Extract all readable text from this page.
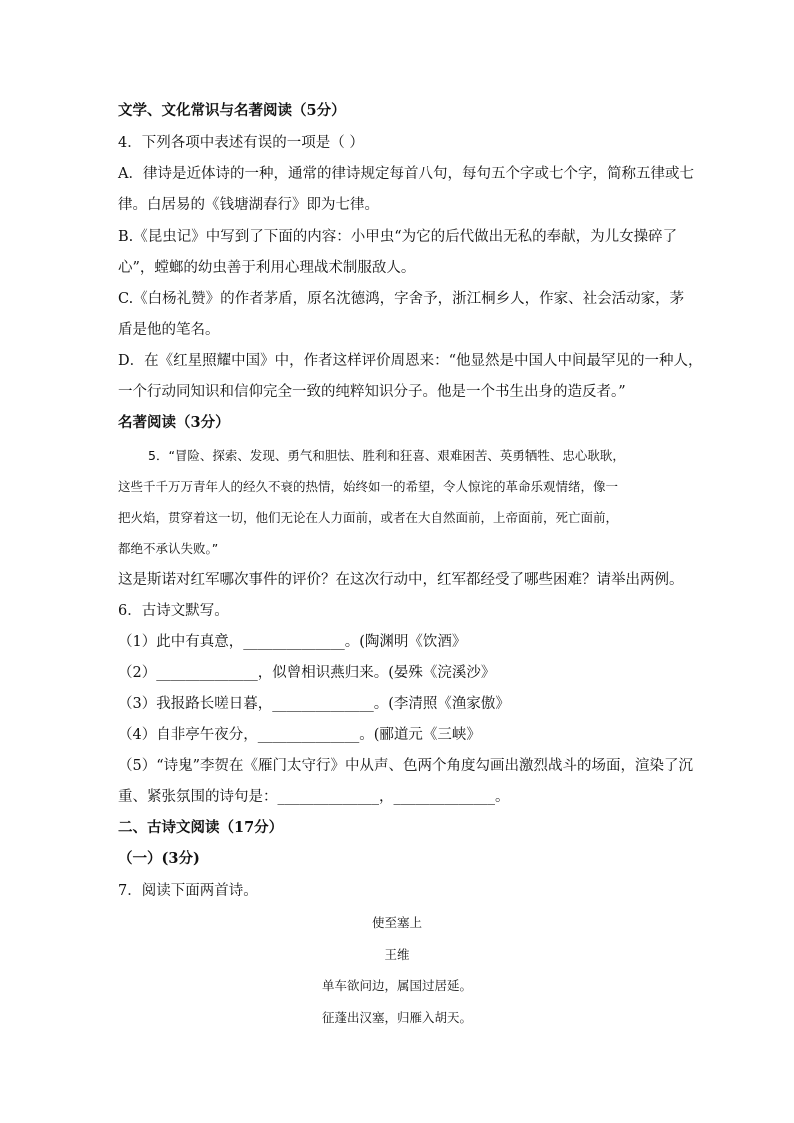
文学、文化常识与名著阅读（5分）
4．下列各项中表述有误的一项是（ ）
A．律诗是近体诗的一种，通常的律诗规定每首八句，每句五个字或七个字，简称五律或七
律。白居易的《钱塘湖春行》即为七律。
B.《昆虫记》中写到了下面的内容：小甲虫“为它的后代做出无私的奉献，为儿女操碎了
心”，螳螂的幼虫善于利用心理战术制服敌人。
C.《白杨礼赞》的作者茅盾，原名沈德鸿，字舍予，浙江桐乡人，作家、社会活动家，茅
盾是他的笔名。
D．在《红星照耀中国》中，作者这样评价周恩来：“他显然是中国人中间最罕见的一种人，
一个行动同知识和信仰完全一致的纯粹知识分子。他是一个书生出身的造反者。”
名著阅读（3分）
5．“冒险、探索、发现、勇气和胆怯、胜利和狂喜、艰难困苦、英勇牺牲、忠心耿耿，
这些千千万万青年人的经久不衰的热情，始终如一的希望，令人惊诧的革命乐观情绪，像一
把火焰，贯穿着这一切，他们无论在人力面前，或者在大自然面前，上帝面前，死亡面前，
都绝不承认失败。”
这是斯诺对红军哪次事件的评价？在这次行动中，红军都经受了哪些困难？请举出两例。
6．古诗文默写。
（1）此中有真意，______________。(陶渊明《饮酒》
（2）______________，似曾相识燕归来。(晏殊《浣溪沙》
（3）我报路长嗟日暮，______________。(李清照《渔家傲》
（4）自非亭午夜分，______________。(郦道元《三峡》
（5）“诗鬼”李贺在《雁门太守行》中从声、色两个角度勾画出激烈战斗的场面，渲染了沉
重、紧张氛围的诗句是：______________，______________。
二、古诗文阅读（17分）
（一）(3分)
7．阅读下面两首诗。
使至塞上
王维
单车欲问边，属国过居延。
征蓬出汉塞，归雁入胡天。
